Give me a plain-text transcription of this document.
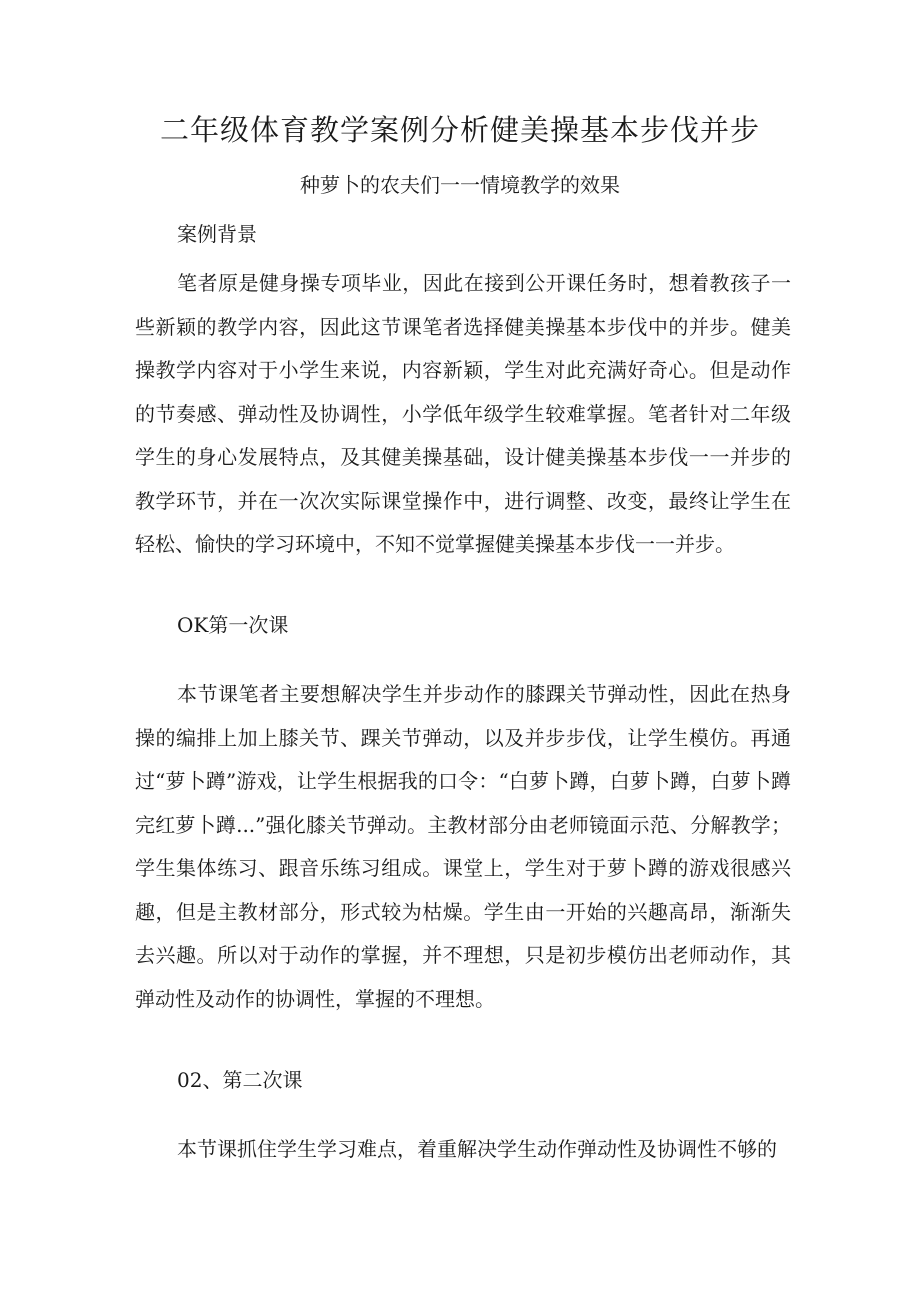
二年级体育教学案例分析健美操基本步伐并步
种萝卜的农夫们一一情境教学的效果
案例背景

笔者原是健身操专项毕业，因此在接到公开课任务时，想着教孩子一些新颖的教学内容，因此这节课笔者选择健美操基本步伐中的并步。健美操教学内容对于小学生来说，内容新颖，学生对此充满好奇心。但是动作的节奏感、弹动性及协调性，小学低年级学生较难掌握。笔者针对二年级学生的身心发展特点，及其健美操基础，设计健美操基本步伐一一并步的教学环节，并在一次次实际课堂操作中，进行调整、改变，最终让学生在轻松、愉快的学习环境中，不知不觉掌握健美操基本步伐一一并步。

OK第一次课

本节课笔者主要想解决学生并步动作的膝踝关节弹动性，因此在热身操的编排上加上膝关节、踝关节弹动，以及并步步伐，让学生模仿。再通过“萝卜蹲”游戏，让学生根据我的口令：“白萝卜蹲，白萝卜蹲，白萝卜蹲完红萝卜蹲...”强化膝关节弹动。主教材部分由老师镜面示范、分解教学；学生集体练习、跟音乐练习组成。课堂上，学生对于萝卜蹲的游戏很感兴趣，但是主教材部分，形式较为枯燥。学生由一开始的兴趣高昂，渐渐失去兴趣。所以对于动作的掌握，并不理想，只是初步模仿出老师动作，其弹动性及动作的协调性，掌握的不理想。

02、第二次课

本节课抓住学生学习难点，着重解决学生动作弹动性及协调性不够的
